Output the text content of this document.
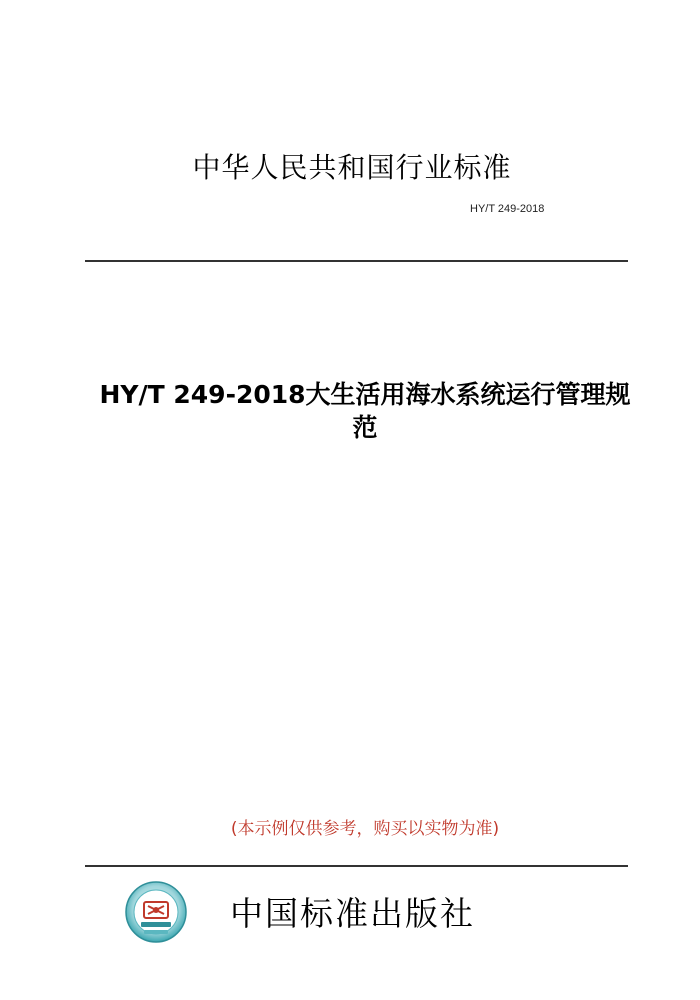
中华人民共和国行业标准
HY/T 249-2018
HY/T 249-2018大生活用海水系统运行管理规
范
(本示例仅供参考，购买以实物为准)
中国标准出版社
